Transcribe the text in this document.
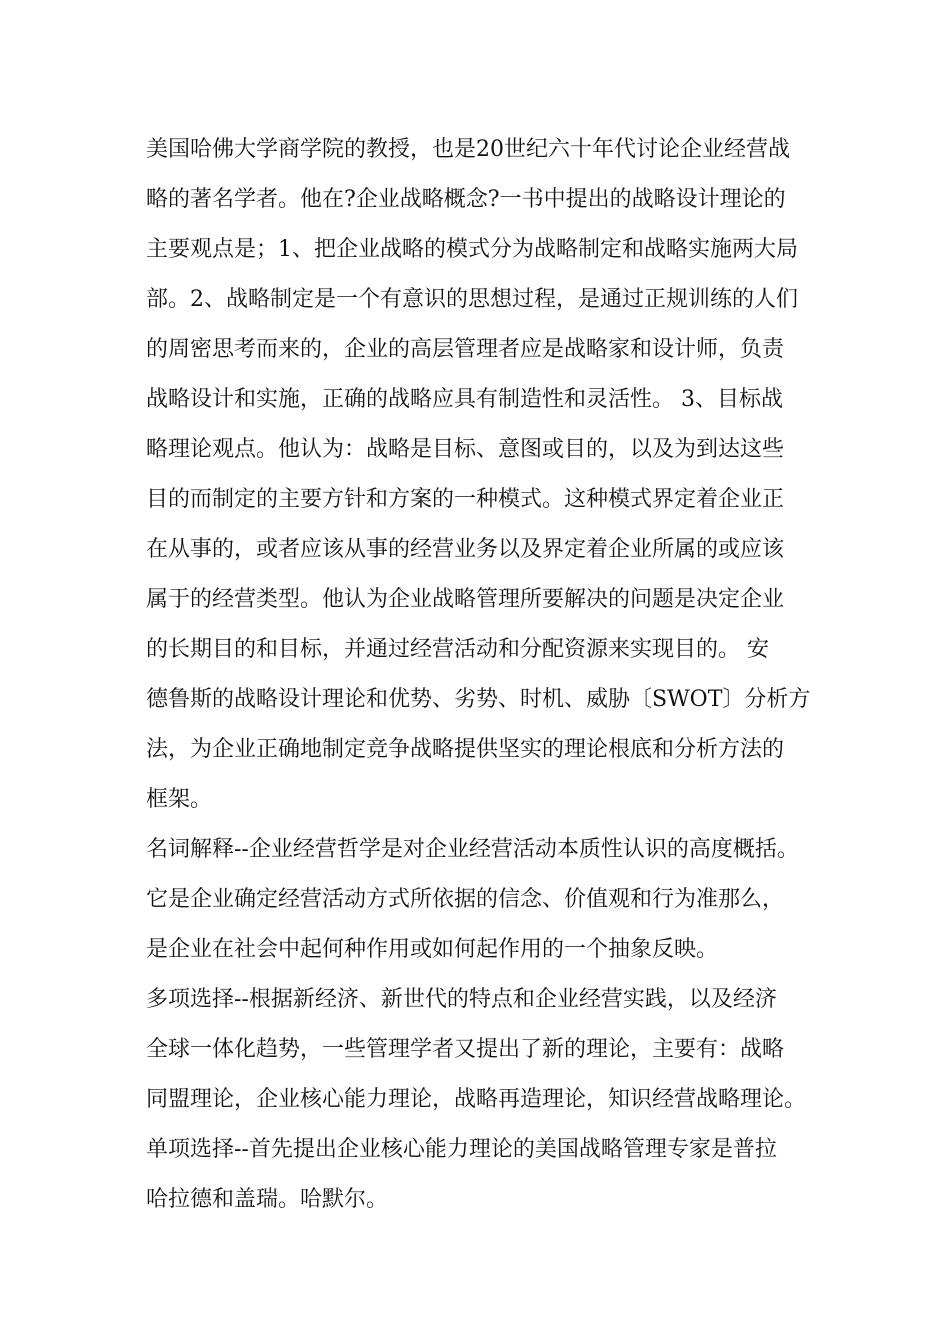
美国哈佛大学商学院的教授，也是20世纪六十年代讨论企业经营战
略的著名学者。他在?企业战略概念?一书中提出的战略设计理论的
主要观点是；1、把企业战略的模式分为战略制定和战略实施两大局
部。2、战略制定是一个有意识的思想过程，是通过正规训练的人们
的周密思考而来的，企业的高层管理者应是战略家和设计师，负责
战略设计和实施，正确的战略应具有制造性和灵活性。 3、目标战
略理论观点。他认为：战略是目标、意图或目的，以及为到达这些
目的而制定的主要方针和方案的一种模式。这种模式界定着企业正
在从事的，或者应该从事的经营业务以及界定着企业所属的或应该
属于的经营类型。他认为企业战略管理所要解决的问题是决定企业
的长期目的和目标，并通过经营活动和分配资源来实现目的。 安
德鲁斯的战略设计理论和优势、劣势、时机、威胁〔SWOT〕分析方
法，为企业正确地制定竞争战略提供坚实的理论根底和分析方法的
框架。
名词解释--企业经营哲学是对企业经营活动本质性认识的高度概括。
它是企业确定经营活动方式所依据的信念、价值观和行为准那么，
是企业在社会中起何种作用或如何起作用的一个抽象反映。
多项选择--根据新经济、新世代的特点和企业经营实践，以及经济
全球一体化趋势，一些管理学者又提出了新的理论，主要有：战略
同盟理论，企业核心能力理论，战略再造理论，知识经营战略理论。
单项选择--首先提出企业核心能力理论的美国战略管理专家是普拉
哈拉德和盖瑞。哈默尔。
